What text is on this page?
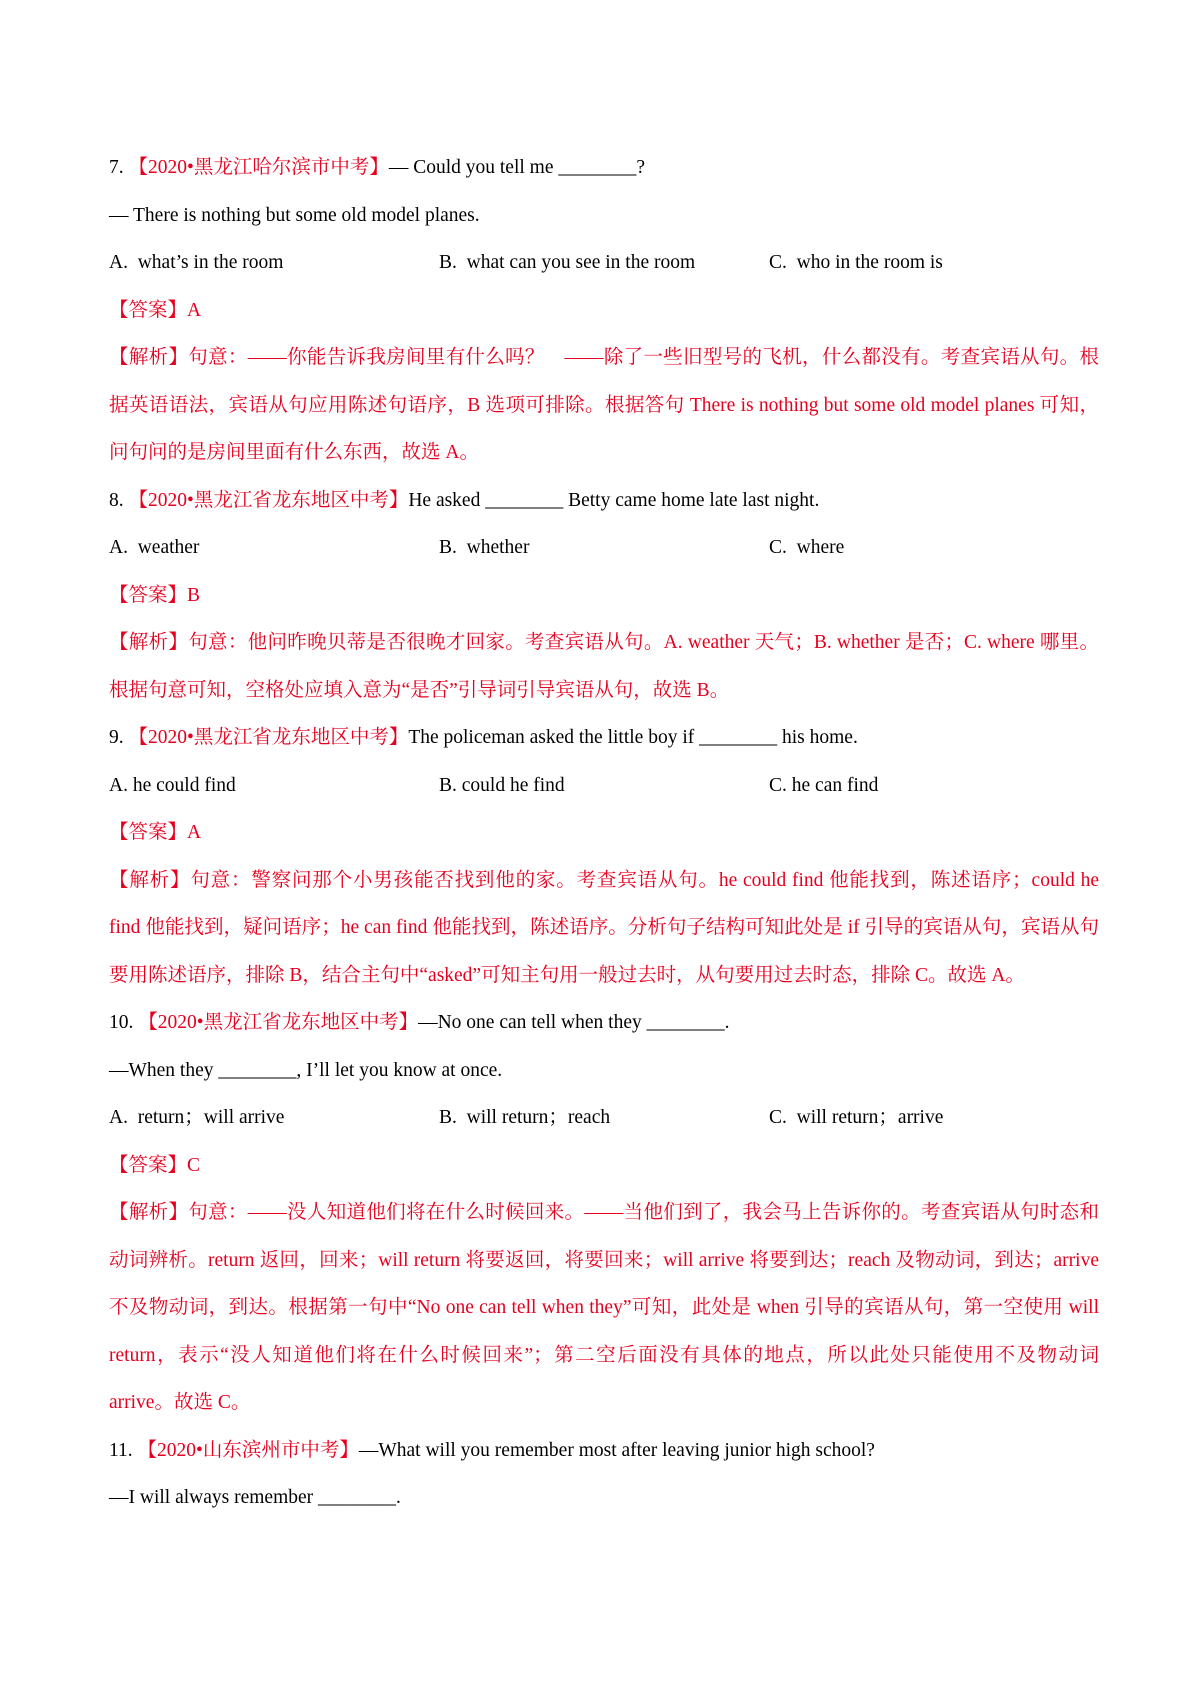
7. 【2020•黑龙江哈尔滨市中考】— Could you tell me ________?
— There is nothing but some old model planes.
A. what’s in the room	B. what can you see in the room	C. who in the room is
【答案】A
【解析】句意：——你能告诉我房间里有什么吗？　——除了一些旧型号的飞机，什么都没有。考查宾语从句。根据英语语法，宾语从句应用陈述句语序，B 选项可排除。根据答句 There is nothing but some old model planes 可知，问句问的是房间里面有什么东西，故选 A。
8. 【2020•黑龙江省龙东地区中考】He asked ________ Betty came home late last night.
A. weather	B. whether	C. where
【答案】B
【解析】句意：他问昨晚贝蒂是否很晚才回家。考查宾语从句。A. weather 天气；B. whether 是否；C. where 哪里。根据句意可知，空格处应填入意为“是否”引导词引导宾语从句，故选 B。
9. 【2020•黑龙江省龙东地区中考】The policeman asked the little boy if ________ his home.
A. he could find	B. could he find	C. he can find
【答案】A
【解析】句意：警察问那个小男孩能否找到他的家。考查宾语从句。he could find 他能找到，陈述语序；could he find 他能找到，疑问语序；he can find 他能找到，陈述语序。分析句子结构可知此处是 if 引导的宾语从句，宾语从句要用陈述语序，排除 B，结合主句中“asked”可知主句用一般过去时，从句要用过去时态，排除 C。故选 A。
10. 【2020•黑龙江省龙东地区中考】—No one can tell when they ________.
—When they ________, I’ll let you know at once.
A. return；will arrive	B. will return；reach	C. will return；arrive
【答案】C
【解析】句意：——没人知道他们将在什么时候回来。——当他们到了，我会马上告诉你的。考查宾语从句时态和动词辨析。return 返回，回来；will return 将要返回，将要回来；will arrive 将要到达；reach 及物动词，到达；arrive 不及物动词，到达。根据第一句中“No one can tell when they”可知，此处是 when 引导的宾语从句，第一空使用 will return，表示“没人知道他们将在什么时候回来”；第二空后面没有具体的地点，所以此处只能使用不及物动词 arrive。故选 C。
11. 【2020•山东滨州市中考】—What will you remember most after leaving junior high school?
—I will always remember ________.
